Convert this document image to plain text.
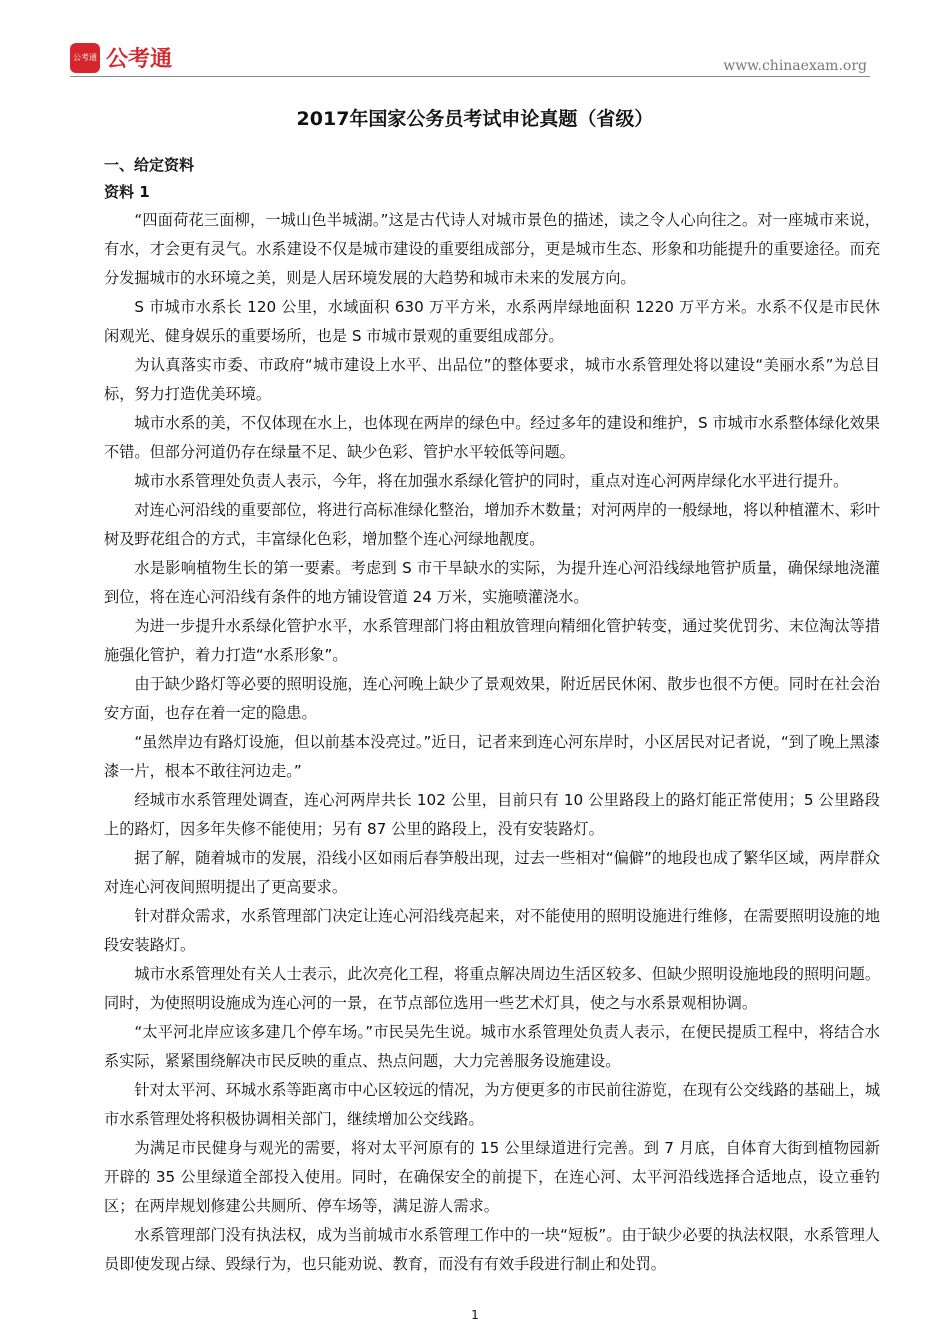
公考通 公考通	www.chinaexam.org
2017年国家公务员考试申论真题（省级）
一、给定资料
资料 1

“四面荷花三面柳，一城山色半城湖。”这是古代诗人对城市景色的描述，读之令人心向往之。对一座城市来说，有水，才会更有灵气。水系建设不仅是城市建设的重要组成部分，更是城市生态、形象和功能提升的重要途径。而充分发掘城市的水环境之美，则是人居环境发展的大趋势和城市未来的发展方向。

S 市城市水系长 120 公里，水域面积 630 万平方米，水系两岸绿地面积 1220 万平方米。水系不仅是市民休闲观光、健身娱乐的重要场所，也是 S 市城市景观的重要组成部分。

为认真落实市委、市政府“城市建设上水平、出品位”的整体要求，城市水系管理处将以建设“美丽水系”为总目标，努力打造优美环境。

城市水系的美，不仅体现在水上，也体现在两岸的绿色中。经过多年的建设和维护，S 市城市水系整体绿化效果不错。但部分河道仍存在绿量不足、缺少色彩、管护水平较低等问题。

城市水系管理处负责人表示，今年，将在加强水系绿化管护的同时，重点对连心河两岸绿化水平进行提升。

对连心河沿线的重要部位，将进行高标准绿化整治，增加乔木数量；对河两岸的一般绿地，将以种植灌木、彩叶树及野花组合的方式，丰富绿化色彩，增加整个连心河绿地靓度。

水是影响植物生长的第一要素。考虑到 S 市干旱缺水的实际，为提升连心河沿线绿地管护质量，确保绿地浇灌到位，将在连心河沿线有条件的地方铺设管道 24 万米，实施喷灌浇水。

为进一步提升水系绿化管护水平，水系管理部门将由粗放管理向精细化管护转变，通过奖优罚劣、末位淘汰等措施强化管护，着力打造“水系形象”。

由于缺少路灯等必要的照明设施，连心河晚上缺少了景观效果，附近居民休闲、散步也很不方便。同时在社会治安方面，也存在着一定的隐患。

“虽然岸边有路灯设施，但以前基本没亮过。”近日，记者来到连心河东岸时，小区居民对记者说，“到了晚上黑漆漆一片，根本不敢往河边走。”

经城市水系管理处调查，连心河两岸共长 102 公里，目前只有 10 公里路段上的路灯能正常使用；5 公里路段上的路灯，因多年失修不能使用；另有 87 公里的路段上，没有安装路灯。

据了解，随着城市的发展，沿线小区如雨后春笋般出现，过去一些相对“偏僻”的地段也成了繁华区域，两岸群众对连心河夜间照明提出了更高要求。

针对群众需求，水系管理部门决定让连心河沿线亮起来，对不能使用的照明设施进行维修，在需要照明设施的地段安装路灯。

城市水系管理处有关人士表示，此次亮化工程，将重点解决周边生活区较多、但缺少照明设施地段的照明问题。同时，为使照明设施成为连心河的一景，在节点部位选用一些艺术灯具，使之与水系景观相协调。

“太平河北岸应该多建几个停车场。”市民吴先生说。城市水系管理处负责人表示，在便民提质工程中，将结合水系实际，紧紧围绕解决市民反映的重点、热点问题，大力完善服务设施建设。

针对太平河、环城水系等距离市中心区较远的情况，为方便更多的市民前往游览，在现有公交线路的基础上，城市水系管理处将积极协调相关部门，继续增加公交线路。

为满足市民健身与观光的需要，将对太平河原有的 15 公里绿道进行完善。到 7 月底，自体育大街到植物园新开辟的 35 公里绿道全部投入使用。同时，在确保安全的前提下，在连心河、太平河沿线选择合适地点，设立垂钓区；在两岸规划修建公共厕所、停车场等，满足游人需求。

水系管理部门没有执法权，成为当前城市水系管理工作中的一块“短板”。由于缺少必要的执法权限，水系管理人员即使发现占绿、毁绿行为，也只能劝说、教育，而没有有效手段进行制止和处罚。

1
